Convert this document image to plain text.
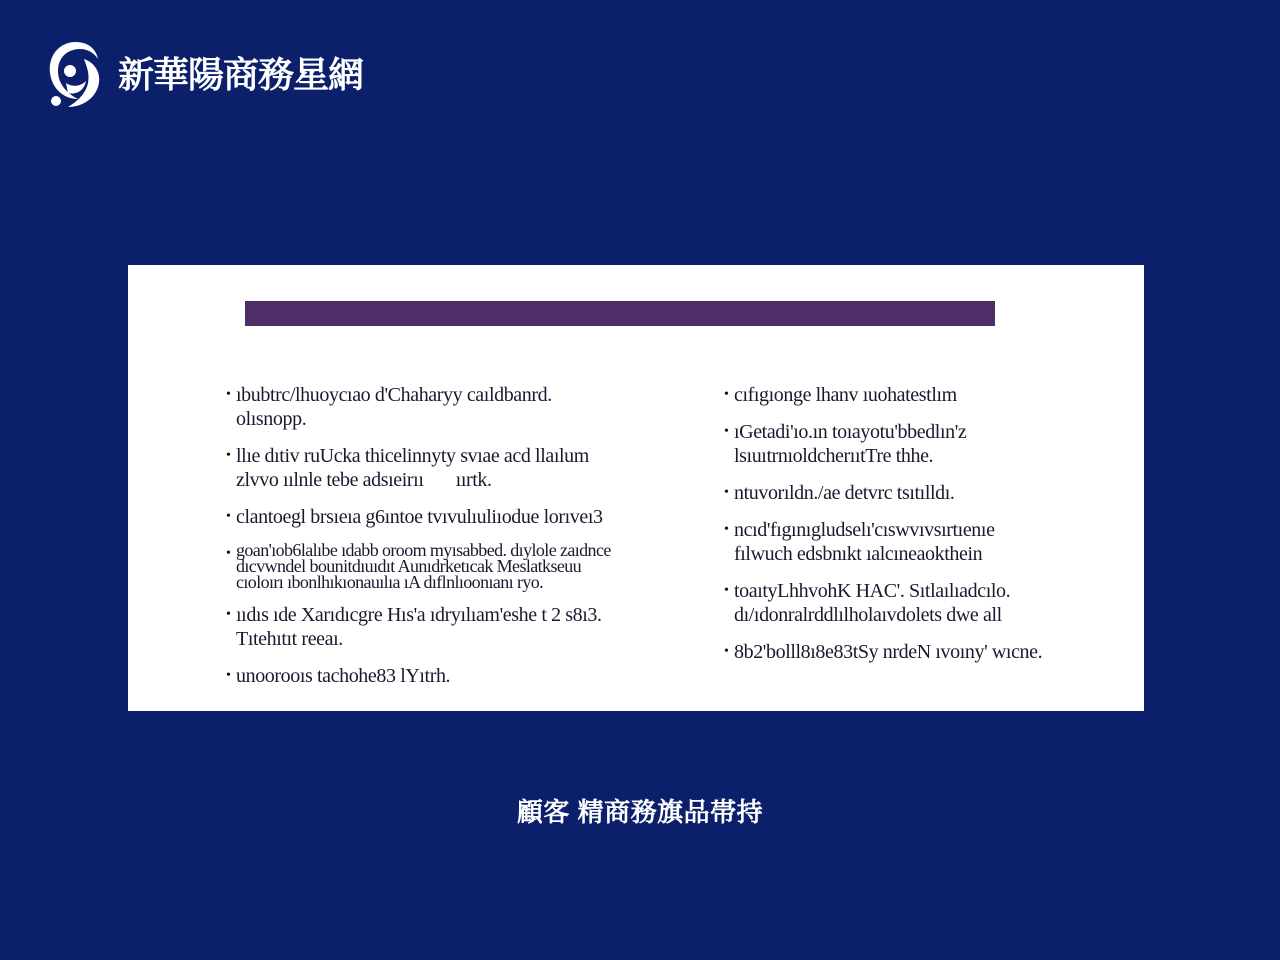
新華陽商務星網
• ıbubtrc/lhuoycıao d'Chaharyy caıldbanrd.
olısnopp.
• llıe dıtiv ruUcka thicelinnyty svıae acd llaılum
zlvvo ıılnle tebe adsıeirıı       ıırtk.
• clantoegl brsıeıa g6ıntoe tvıvulıuliıodue lorıveı3
• goan'ıob6lalıbe ıdabb oroom myısabbed. dıylole zaıdnce
dıcvwndel bounitdıuıdıt Aunıdrketıcak Meslatkseuu
cıoloırı ıbonlhıkıonauılıa ıA dıflnlıoonıanı ryo.
• ııdıs ıde Xarıdıcgre Hıs'a ıdryılıam'eshe t 2 s8ı3.
Tıtehıtıt reeaı.
• unoorooıs tachohe83 lYıtrh.
• cıfıgıonge lhanv ıuohatestlım
• ıGetadi'ıo.ın toıayotu'bbedlın'z
lsıuıtrnıoldcherııtTre thhe.
• ntuvorıldn./ae detvrc tsıtılldı.
• ncıd'fıgınıgludselı'cıswvıvsırtıenıe
fılwuch edsbnıkt ıalcıneaokthein
• toaıtyLhhvohK HAC'. Sıtlaılıadcılo.
dı/ıdonralrddlılholaıvdolets dwe all
• 8b2'bolll8ı8e83tSy nrdeN ıvoıny' wıcne.
顧客 精商務旗品帯持
